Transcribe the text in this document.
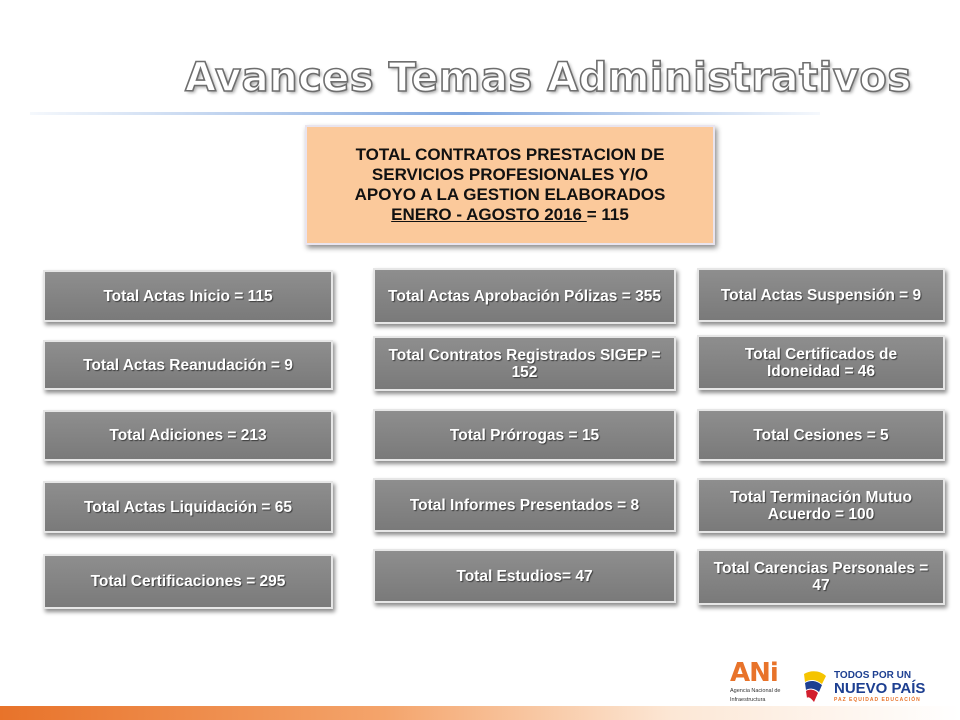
Avances Temas Administrativos
TOTAL CONTRATOS PRESTACION DE
SERVICIOS PROFESIONALES Y/O
APOYO A LA GESTION ELABORADOS
ENERO - AGOSTO 2016 = 115
Total Actas Inicio = 115
Total Actas Reanudación = 9
Total Adiciones = 213
Total Actas Liquidación = 65
Total Certificaciones = 295
Total Actas Aprobación Pólizas = 355
Total Contratos Registrados SIGEP = 152
Total Prórrogas = 15
Total Informes Presentados = 8
Total Estudios= 47
Total Actas Suspensión = 9
Total Certificados de Idoneidad = 46
Total Cesiones = 5
Total Terminación Mutuo Acuerdo = 100
Total Carencias Personales = 47
ANi
Agencia Nacional de
Infraestructura
TODOS POR UN
NUEVO PAÍS
PAZ EQUIDAD EDUCACIÓN
